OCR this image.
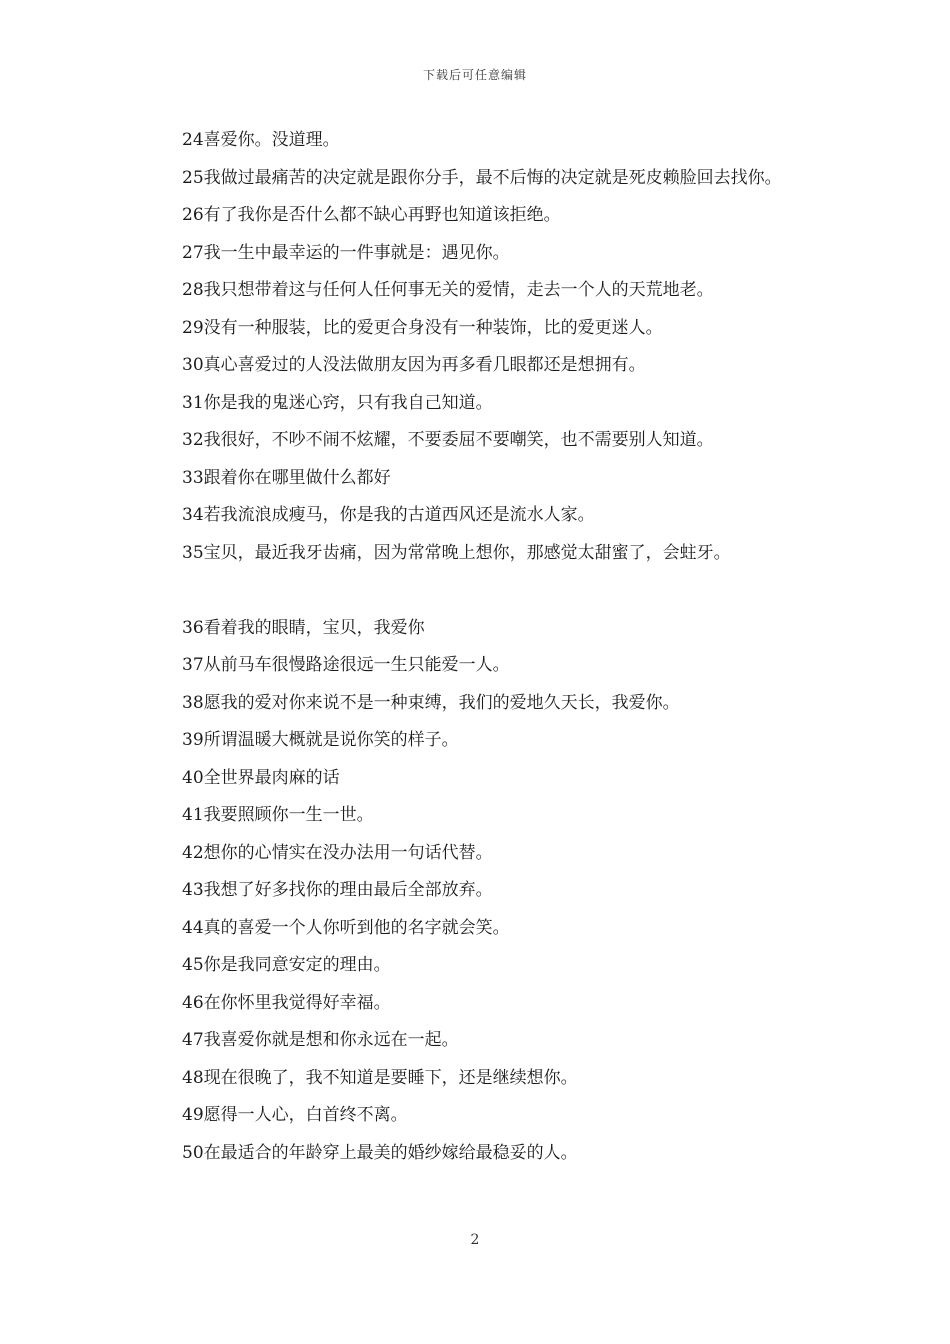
下载后可任意编辑

24喜爱你。没道理。

25我做过最痛苦的决定就是跟你分手，最不后悔的决定就是死皮赖脸回去找你。

26有了我你是否什么都不缺心再野也知道该拒绝。

27我一生中最幸运的一件事就是：遇见你。

28我只想带着这与任何人任何事无关的爱情，走去一个人的天荒地老。

29没有一种服装，比的爱更合身没有一种装饰，比的爱更迷人。

30真心喜爱过的人没法做朋友因为再多看几眼都还是想拥有。

31你是我的鬼迷心窍，只有我自己知道。

32我很好，不吵不闹不炫耀，不要委屈不要嘲笑，也不需要别人知道。

33跟着你在哪里做什么都好

34若我流浪成瘦马，你是我的古道西风还是流水人家。

35宝贝，最近我牙齿痛，因为常常晚上想你，那感觉太甜蜜了，会蛀牙。

36看着我的眼睛，宝贝，我爱你

37从前马车很慢路途很远一生只能爱一人。

38愿我的爱对你来说不是一种束缚，我们的爱地久天长，我爱你。

39所谓温暖大概就是说你笑的样子。

40全世界最肉麻的话

41我要照顾你一生一世。

42想你的心情实在没办法用一句话代替。

43我想了好多找你的理由最后全部放弃。

44真的喜爱一个人你听到他的名字就会笑。

45你是我同意安定的理由。

46在你怀里我觉得好幸福。

47我喜爱你就是想和你永远在一起。

48现在很晚了，我不知道是要睡下，还是继续想你。

49愿得一人心，白首终不离。

50在最适合的年龄穿上最美的婚纱嫁给最稳妥的人。

2
